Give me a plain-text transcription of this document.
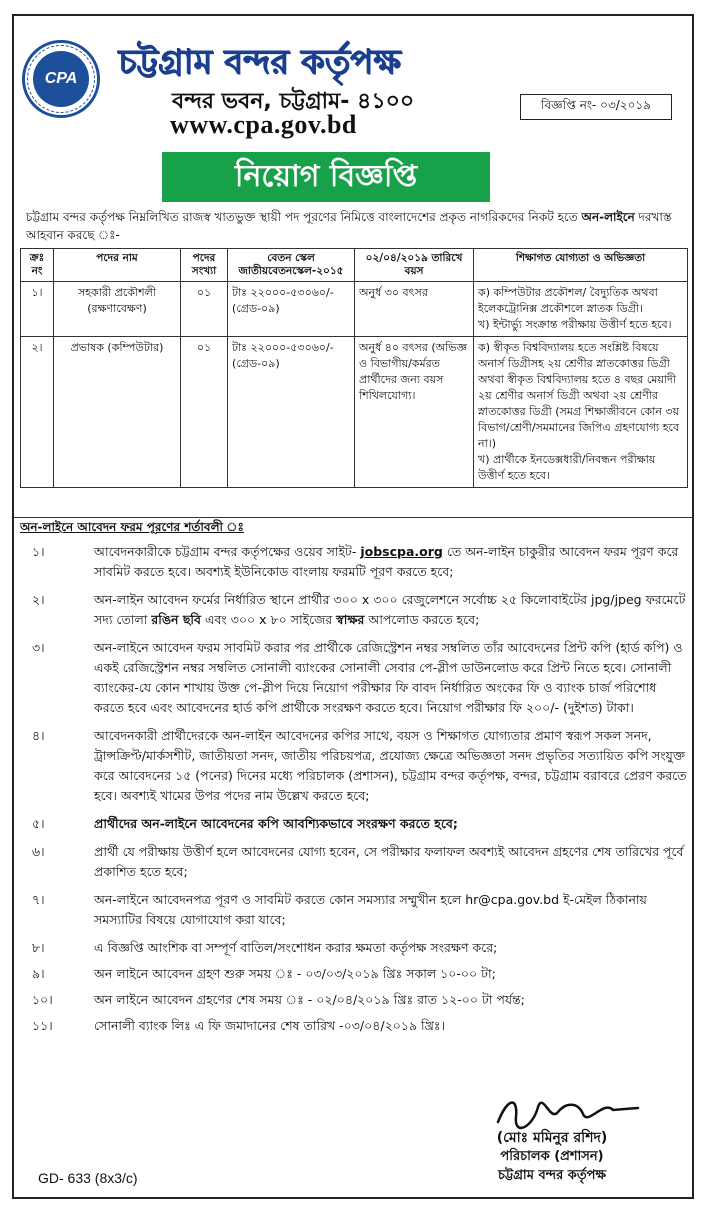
CPA	চট্টগ্রাম বন্দর কর্তৃপক্ষ
বন্দর ভবন, চট্টগ্রাম- ৪১০০
www.cpa.gov.bd
বিজ্ঞপ্তি নং- ০৩/২০১৯
নিয়োগ বিজ্ঞপ্তি
চট্টগ্রাম বন্দর কর্তৃপক্ষ নিম্নলিখিত রাজস্ব খাতভুক্ত স্থায়ী পদ পূরণের নিমিত্তে বাংলাদেশের প্রকৃত নাগরিকদের নিকট হতে অন-লাইনে দরখাস্ত আহবান করছে ঃ-
ক্রঃ নং	পদের নাম	পদের সংখ্যা	বেতন স্কেল জাতীয়বেতনস্কেল-২০১৫	০২/০৪/২০১৯ তারিখে বয়স	শিক্ষাগত যোগ্যতা ও অভিজ্ঞতা
১।	সহকারী প্রকৌশলী (রক্ষণাবেক্ষণ)	০১	টাঃ ২২০০০-৫৩০৬০/- (গ্রেড-০৯)	অনুর্ধ ৩০ বৎসর	ক) কম্পিউটার প্রকৌশল/ বৈদ্যুতিক অথবা ইলেকট্রোনিক্স প্রকৌশলে স্নাতক ডিগ্রী।
খ) ইন্টার্ভ্যু সংক্রান্ত পরীক্ষায় উত্তীর্ণ হতে হবে।

২।	প্রভাষক (কম্পিউটার)	০১	টাঃ ২২০০০-৫৩০৬০/- (গ্রেড-০৯)	অনুর্ধ ৪০ বৎসর (অভিজ্ঞ ও বিভাগীয়/কর্মরত প্রার্থীদের জন্য বয়স শিথিলযোগ্য।	ক) স্বীকৃত বিশ্ববিদ্যালয় হতে সংশ্লিষ্ট বিষয়ে অনার্স ডিগ্রীসহ ২য় শ্রেণীর স্নাতকোত্তর ডিগ্রী অথবা স্বীকৃত বিশ্ববিদ্যালয় হতে ৪ বছর মেয়াদী ২য় শ্রেণীর অনার্স ডিগ্রী অথবা ২য় শ্রেণীর স্নাতকোত্তর ডিগ্রী (সমগ্র শিক্ষাজীবনে কোন ৩য় বিভাগ/শ্রেণী/সমমানের জিপিএ গ্রহণযোগ্য হবে না।)
খ) প্রার্থীকে ইনডেক্সধারী/নিবন্ধন পরীক্ষায় উত্তীর্ণ হতে হবে।
অন-লাইনে আবেদন ফরম পূরণের শর্তাবলী ঃ
১।	আবেদনকারীকে চট্টগ্রাম বন্দর কর্তৃপক্ষের ওয়েব সাইট- jobscpa.org তে অন-লাইন চাকুরীর আবেদন ফরম পূরণ করে সাবমিট করতে হবে। অবশ্যই ইউনিকোড বাংলায় ফরমটি পূরণ করতে হবে;
২।	অন-লাইন আবেদন ফর্মের নির্ধারিত স্থানে প্রার্থীর ৩০০ x ৩০০ রেজুলেশনে সর্বোচ্চ ২৫ কিলোবাইটের jpg/jpeg ফরমেটে সদ্য তোলা রঙিন ছবি এবং ৩০০ x ৮০ সাইজের স্বাক্ষর আপলোড করতে হবে;
৩।	অন-লাইনে আবেদন ফরম সাবমিট করার পর প্রার্থীকে রেজিস্ট্রেশন নম্বর সম্বলিত তাঁর আবেদনের প্রিন্ট কপি (হার্ড কপি) ও একই রেজিস্ট্রেশন নম্বর সম্বলিত সোনালী ব্যাংকের সোনালী সেবার পে-স্লীপ ডাউনলোড করে প্রিন্ট নিতে হবে। সোনালী ব্যাংকের-যে কোন শাখায় উক্ত পে-স্লীপ দিয়ে নিয়োগ পরীক্ষার ফি বাবদ নির্ধারিত অংকের ফি ও ব্যাংক চার্জ পরিশোধ করতে হবে এবং আবেদনের হার্ড কপি প্রার্থীকে সংরক্ষণ করতে হবে। নিয়োগ পরীক্ষার ফি ২০০/- (দুইশত) টাকা।
৪।	আবেদনকারী প্রার্থীদেরকে অন-লাইন আবেদনের কপির সাথে, বয়স ও শিক্ষাগত যোগ্যতার প্রমাণ স্বরূপ সকল সনদ, ট্রান্সক্রিপ্ট/মার্কসশীট, জাতীয়তা সনদ, জাতীয় পরিচয়পত্র, প্রযোজ্য ক্ষেত্রে অভিজ্ঞতা সনদ প্রভৃতির সত্যায়িত কপি সংযুক্ত করে আবেদনের ১৫ (পনের) দিনের মধ্যে পরিচালক (প্রশাসন), চট্টগ্রাম বন্দর কর্তৃপক্ষ, বন্দর, চট্টগ্রাম বরাবরে প্রেরণ করতে হবে। অবশ্যই খামের উপর পদের নাম উল্লেখ করতে হবে;
৫।	প্রার্থীদের অন-লাইনে আবেদনের কপি আবশ্যিকভাবে সংরক্ষণ করতে হবে;
৬।	প্রার্থী যে পরীক্ষায় উত্তীর্ণ হলে আবেদনের যোগ্য হবেন, সে পরীক্ষার ফলাফল অবশ্যই আবেদন গ্রহণের শেষ তারিখের পূর্বে প্রকাশিত হতে হবে;
৭।	অন-লাইনে আবেদনপত্র পূরণ ও সাবমিট করতে কোন সমস্যার সম্মুখীন হলে hr@cpa.gov.bd ই-মেইল ঠিকানায় সমস্যাটির বিষয়ে যোগাযোগ করা যাবে;
৮।	এ বিজ্ঞপ্তি আংশিক বা সম্পূর্ণ বাতিল/সংশোধন করার ক্ষমতা কর্তৃপক্ষ সংরক্ষণ করে;
৯।	অন লাইনে আবেদন গ্রহণ শুরু সময় ঃ - ০৩/০৩/২০১৯ খ্রিঃ সকাল ১০-০০ টা;
১০।	অন লাইনে আবেদন গ্রহণের শেষ সময় ঃ - ০২/০৪/২০১৯ খ্রিঃ রাত ১২-০০ টা পর্যন্ত;
১১।	সোনালী ব্যাংক লিঃ এ ফি জমাদানের শেষ তারিখ -০৩/০৪/২০১৯ খ্রিঃ।
(মোঃ মমিনুর রশিদ)
পরিচালক (প্রশাসন)
চট্টগ্রাম বন্দর কর্তৃপক্ষ
GD- 633 (8x3/c)
